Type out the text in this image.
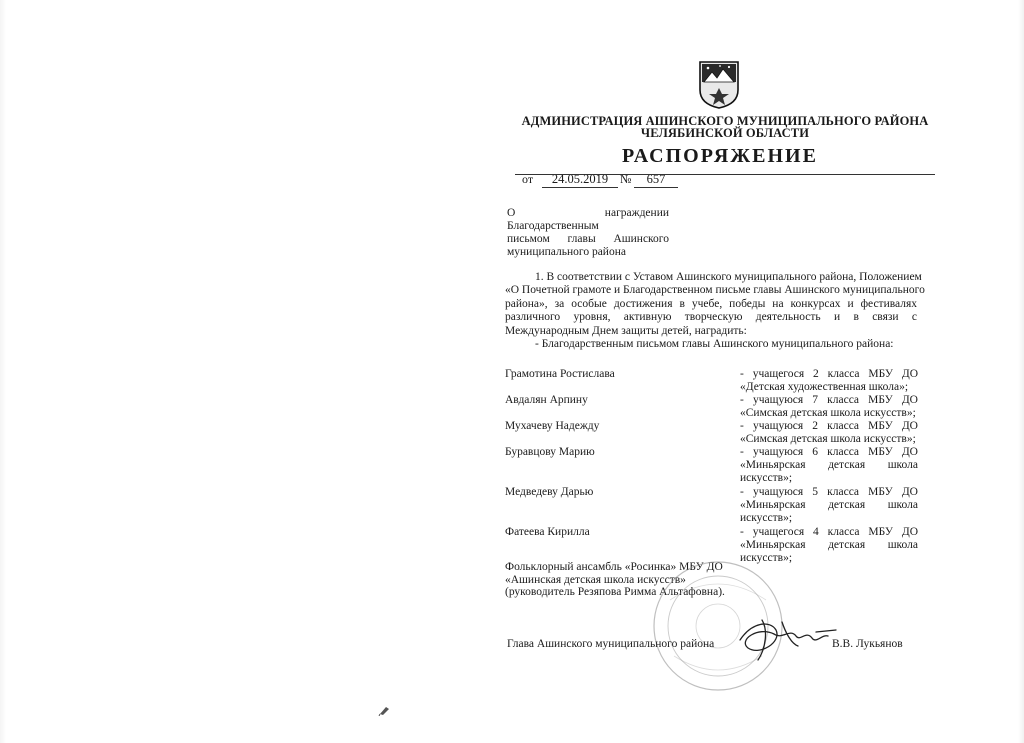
АДМИНИСТРАЦИЯ АШИНСКОГО МУНИЦИПАЛЬНОГО РАЙОНА
ЧЕЛЯБИНСКОЙ ОБЛАСТИ
РАСПОРЯЖЕНИЕ
от	24.05.2019 №	657
О награждении Благодарственным
письмом главы Ашинского
муниципального района
1. В соответствии с Уставом Ашинского муниципального района, Положением
«О Почетной грамоте и Благодарственном письме главы Ашинского муниципального
района», за особые достижения в учебе, победы на конкурсах и фестивалях
различного уровня, активную творческую деятельность и в связи с
Международным Днем защиты детей, наградить:
- Благодарственным письмом главы Ашинского муниципального района:
Грамотина Ростислава	- учащегося 2 класса МБУ ДО
«Детская художественная школа»;
Авдалян Арпину	- учащуюся 7 класса МБУ ДО
«Симская детская школа искусств»;
Мухачеву Надежду	- учащуюся 2 класса МБУ ДО
«Симская детская школа искусств»;
Буравцову Марию	- учащуюся 6 класса МБУ ДО
«Миньярская детская школа
искусств»;
Медведеву Дарью	- учащуюся 5 класса МБУ ДО
«Миньярская детская школа
искусств»;
Фатеева Кирилла	- учащегося 4 класса МБУ ДО
«Миньярская детская школа
искусств»;
Фольклорный ансамбль «Росинка» МБУ ДО
«Ашинская детская школа искусств»
(руководитель Резяпова Римма Альтафовна).
Глава Ашинского муниципального района	В.В. Лукьянов
